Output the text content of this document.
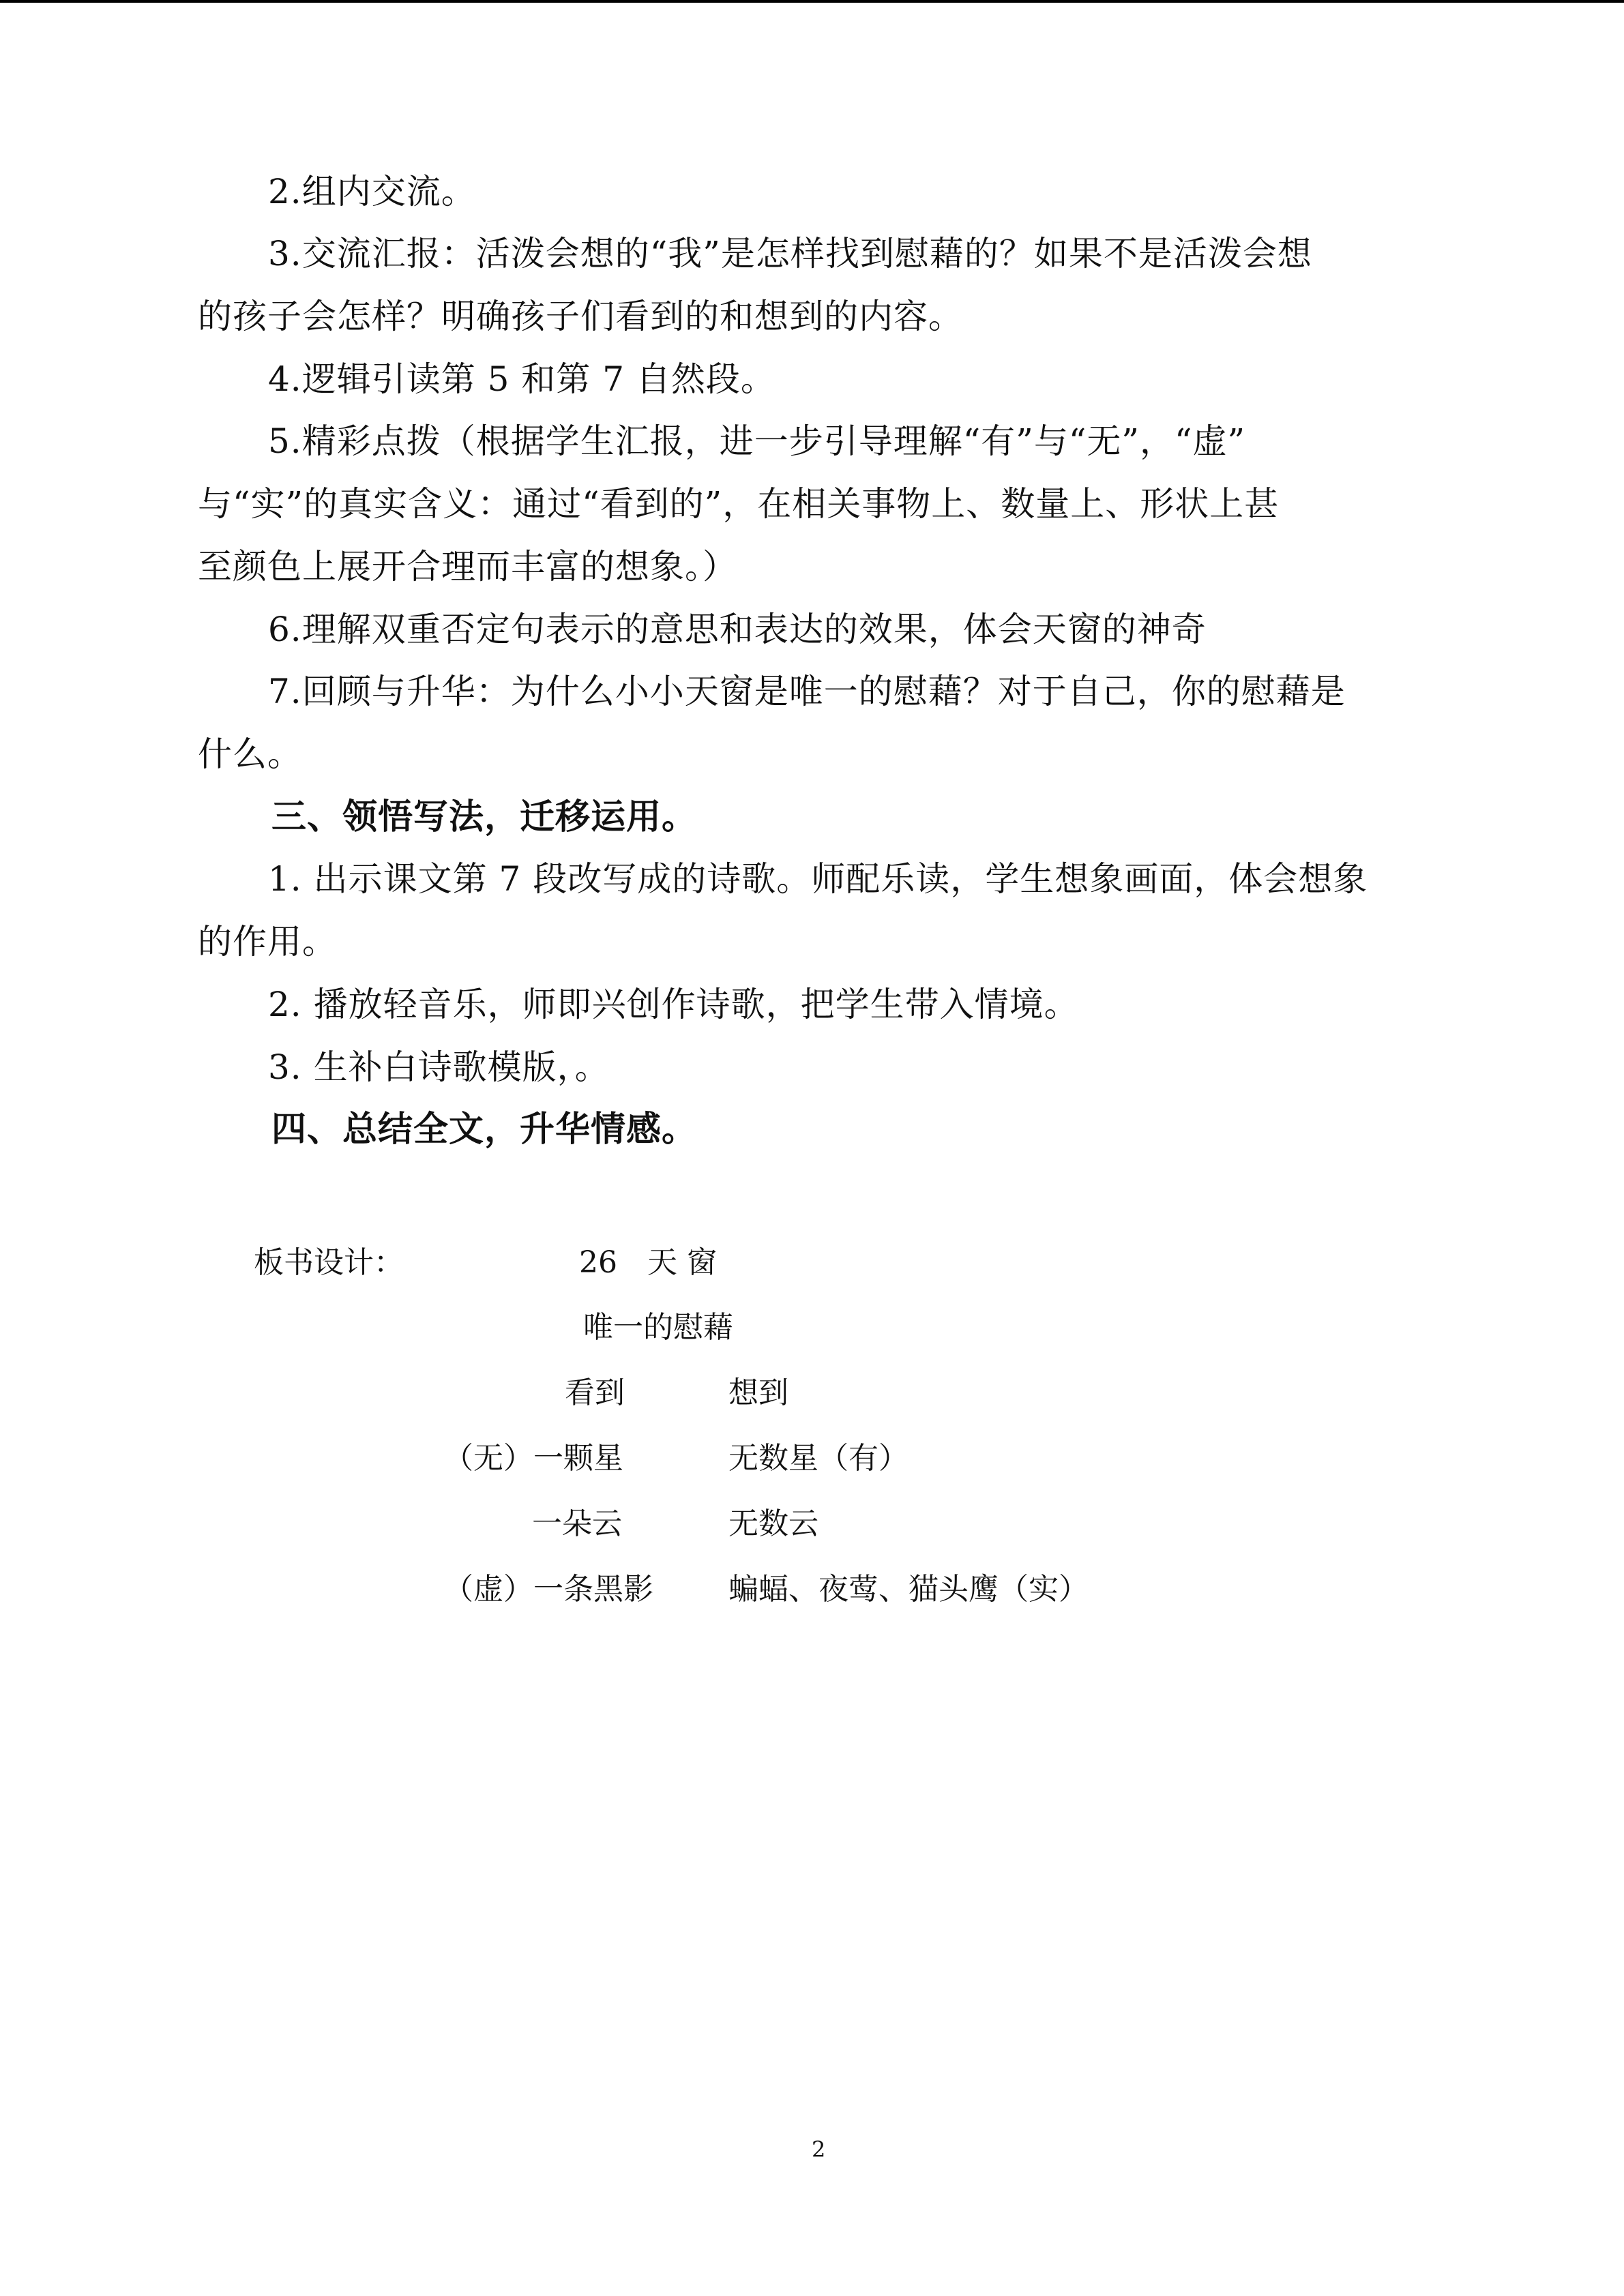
2.组内交流。
3.交流汇报：活泼会想的“我”是怎样找到慰藉的？如果不是活泼会想
的孩子会怎样？明确孩子们看到的和想到的内容。
4.逻辑引读第 5 和第 7 自然段。
5.精彩点拨（根据学生汇报，进一步引导理解“有”与“无”，“虚”
与“实”的真实含义：通过“看到的”，在相关事物上、数量上、形状上甚
至颜色上展开合理而丰富的想象。）
6.理解双重否定句表示的意思和表达的效果，体会天窗的神奇
7.回顾与升华：为什么小小天窗是唯一的慰藉？对于自己，你的慰藉是
什么。
三、领悟写法，迁移运用。
1. 出示课文第 7 段改写成的诗歌。师配乐读，学生想象画面，体会想象
的作用。
2. 播放轻音乐，师即兴创作诗歌，把学生带入情境。
3. 生补白诗歌模版，。
四、总结全文，升华情感。
板书设计：	26　天 窗
唯一的慰藉
看到	想到
（无）一颗星	无数星（有）
一朵云	无数云
（虚）一条黑影	蝙蝠、夜莺、猫头鹰（实）
2
